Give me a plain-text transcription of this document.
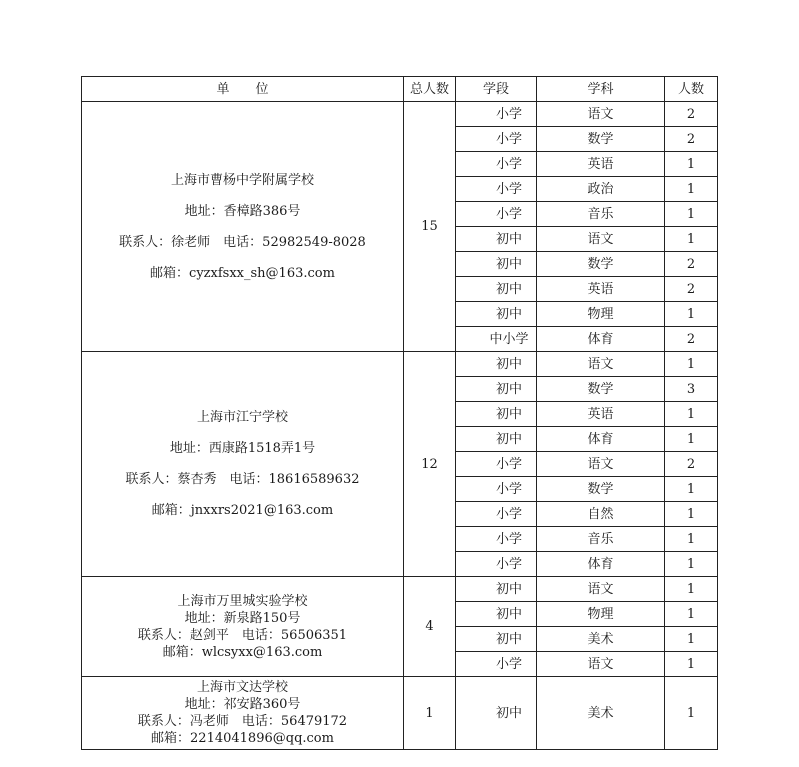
单　　位	总人数	学段	学科	人数

上海市曹杨中学附属学校
地址：香樟路386号
联系人：徐老师　电话：52982549-8028
邮箱：cyzxfsxx_sh@163.com	15	小学	语文	2
		小学	数学	2
		小学	英语	1
		小学	政治	1
		小学	音乐	1
		初中	语文	1
		初中	数学	2
		初中	英语	2
		初中	物理	1
		中小学	体育	2

上海市江宁学校
地址：西康路1518弄1号
联系人：蔡杏秀　电话：18616589632
邮箱：jnxxrs2021@163.com	12	初中	语文	1
		初中	数学	3
		初中	英语	1
		初中	体育	1
		小学	语文	2
		小学	数学	1
		小学	自然	1
		小学	音乐	1
		小学	体育	1

上海市万里城实验学校
地址：新泉路150号
联系人：赵剑平　电话：56506351
邮箱：wlcsyxx@163.com	4	初中	语文	1
		初中	物理	1
		初中	美术	1
		小学	语文	1

上海市文达学校
地址：祁安路360号
联系人：冯老师　电话：56479172
邮箱：2214041896@qq.com	1	初中	美术	1
